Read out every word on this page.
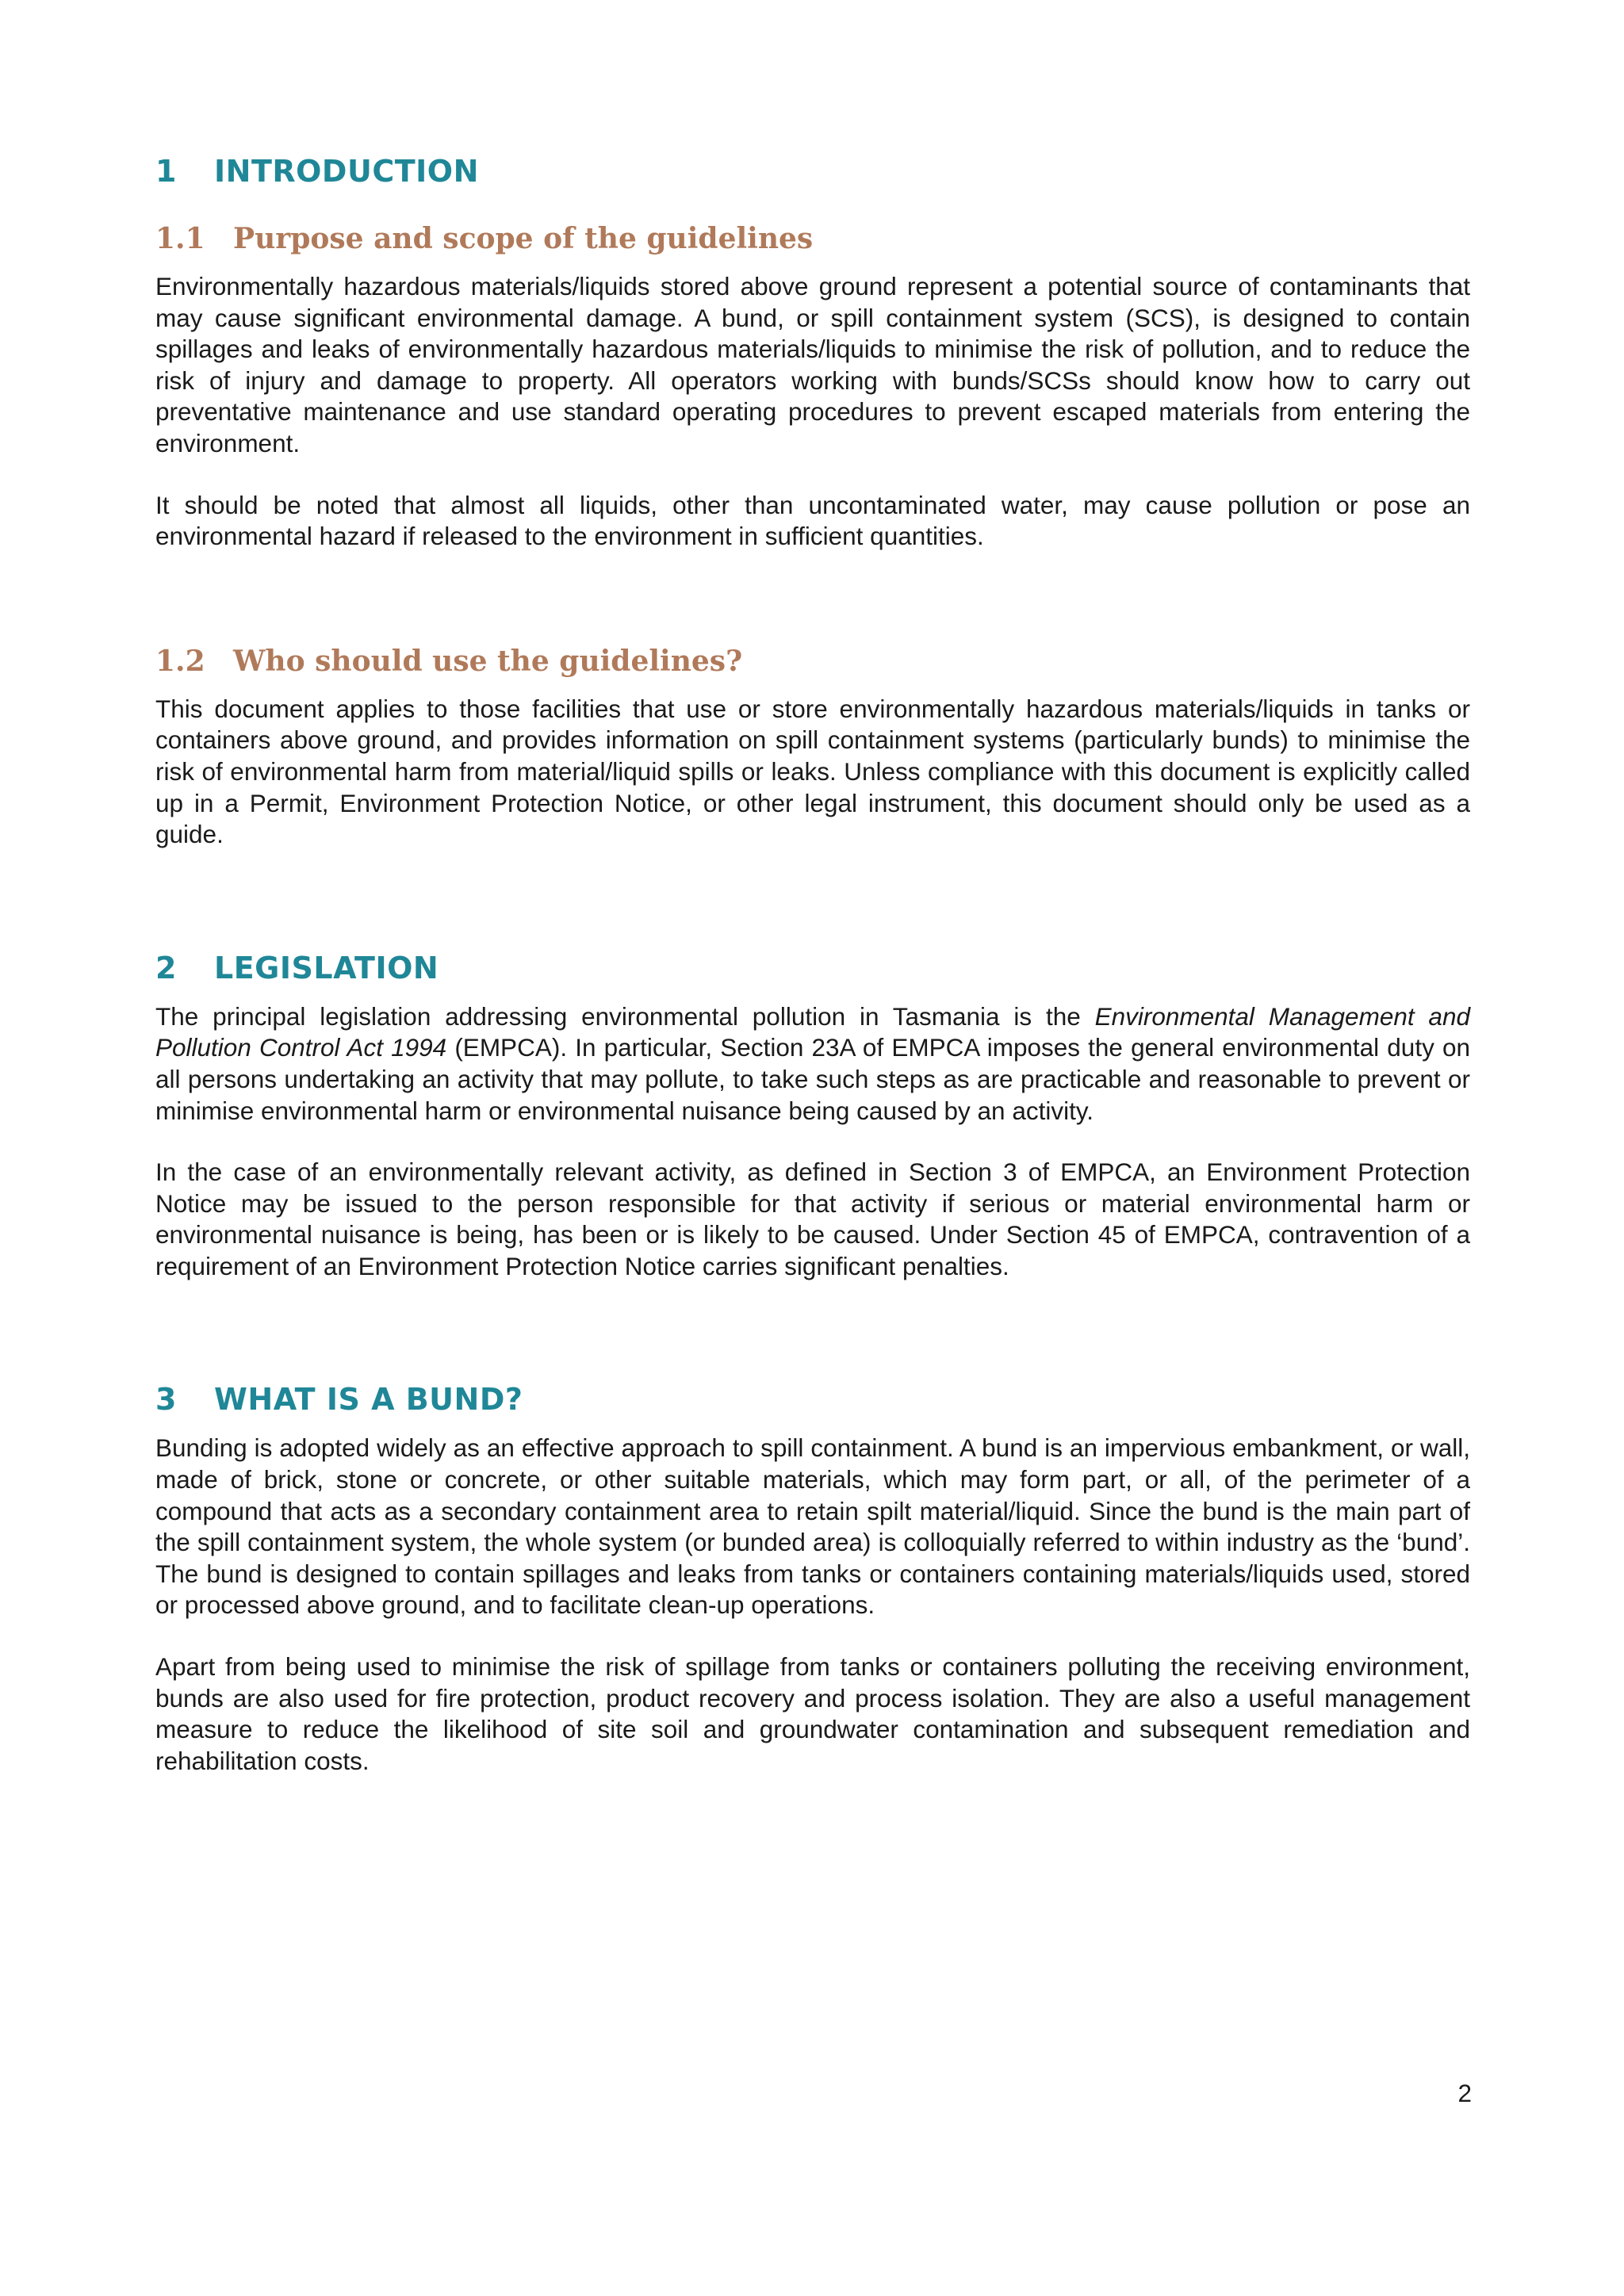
1	INTRODUCTION
1.1 Purpose and scope of the guidelines

Environmentally hazardous materials/liquids stored above ground represent a potential source of contaminants that may cause significant environmental damage. A bund, or spill containment system (SCS), is designed to contain spillages and leaks of environmentally hazardous materials/liquids to minimise the risk of pollution, and to reduce the risk of injury and damage to property. All operators working with bunds/SCSs should know how to carry out preventative maintenance and use standard operating procedures to prevent escaped materials from entering the environment.

It should be noted that almost all liquids, other than uncontaminated water, may cause pollution or pose an environmental hazard if released to the environment in sufficient quantities.

1.2 Who should use the guidelines?

This document applies to those facilities that use or store environmentally hazardous materials/liquids in tanks or containers above ground, and provides information on spill containment systems (particularly bunds) to minimise the risk of environmental harm from material/liquid spills or leaks. Unless compliance with this document is explicitly called up in a Permit, Environment Protection Notice, or other legal instrument, this document should only be used as a guide.

2	LEGISLATION

The principal legislation addressing environmental pollution in Tasmania is the Environmental Management and Pollution Control Act 1994 (EMPCA). In particular, Section 23A of EMPCA imposes the general environmental duty on all persons undertaking an activity that may pollute, to take such steps as are practicable and reasonable to prevent or minimise environmental harm or environmental nuisance being caused by an activity.

In the case of an environmentally relevant activity, as defined in Section 3 of EMPCA, an Environment Protection Notice may be issued to the person responsible for that activity if serious or material environmental harm or environmental nuisance is being, has been or is likely to be caused. Under Section 45 of EMPCA, contravention of a requirement of an Environment Protection Notice carries significant penalties.

3	WHAT IS A BUND?

Bunding is adopted widely as an effective approach to spill containment. A bund is an impervious embankment, or wall, made of brick, stone or concrete, or other suitable materials, which may form part, or all, of the perimeter of a compound that acts as a secondary containment area to retain spilt material/liquid. Since the bund is the main part of the spill containment system, the whole system (or bunded area) is colloquially referred to within industry as the ‘bund’. The bund is designed to contain spillages and leaks from tanks or containers containing materials/liquids used, stored or processed above ground, and to facilitate clean-up operations.

Apart from being used to minimise the risk of spillage from tanks or containers polluting the receiving environment, bunds are also used for fire protection, product recovery and process isolation. They are also a useful management measure to reduce the likelihood of site soil and groundwater contamination and subsequent remediation and rehabilitation costs.

2
